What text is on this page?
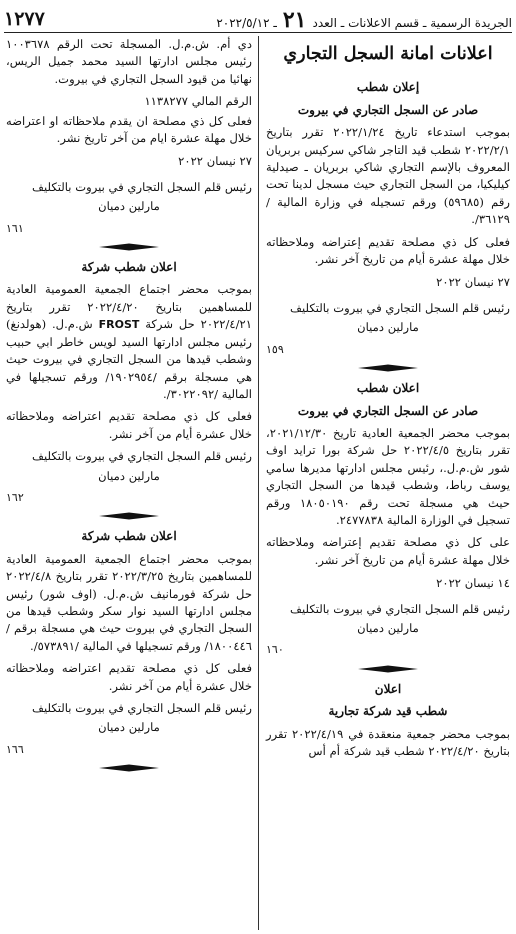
الجريدة الرسمية ـ قسم الاعلانات ـ العدد
٢١
ـ ٢٠٢٢/٥/١٢
١٢٧٧
اعلانات امانة السجل التجاري
إعلان شطب
صادر عن السجل التجاري في بيروت

بموجب استدعاء تاريخ ٢٠٢٢/١/٢٤ تقرر بتاريخ ٢٠٢٢/٢/١ شطب قيد التاجر شاكي سركيس بربريان المعروف بالإسم التجاري شاكي بربريان ـ صيدلية كيليكيا، من السجل التجاري حيث مسجل لدينا تحت رقم (٥٩٦٨٥) ورقم تسجيله في وزارة المالية /٣٦١٢٩/.

فعلى كل ذي مصلحة تقديم إعتراضه وملاحظاته خلال مهلة عشرة أيام من تاريخ آخر نشر.

٢٧ نيسان ٢٠٢٢
رئيس قلم السجل التجاري في بيروت بالتكليف
مارلين دميان
١٥٩
اعلان شطب
صادر عن السجل التجاري في بيروت

بموجب محضر الجمعية العادية تاريخ ٢٠٢١/١٢/٣٠، تقرر بتاريخ ٢٠٢٢/٤/٥ حل شركة بورا ترايد اوف شور ش.م.ل.، رئيس مجلس ادارتها مديرها سامي يوسف رباط، وشطب قيدها من السجل التجاري حيث هي مسجلة تحت رقم ١٨٠٥٠١٩٠ ورقم تسجيل في الوزارة المالية ٢٤٧٧٨٣٨.

على كل ذي مصلحة تقديم إعتراضه وملاحظاته خلال مهلة عشرة أيام من تاريخ آخر نشر.

١٤ نيسان ٢٠٢٢
رئيس قلم السجل التجاري في بيروت بالتكليف
مارلين دميان
١٦٠
اعلان
شطب قيد شركة تجارية

بموجب محضر جمعية منعقدة في ٢٠٢٢/٤/١٩ تقرر بتاريخ ٢٠٢٢/٤/٢٠ شطب قيد شركة أم أس

دي أم. ش.م.ل. المسجلة تحت الرقم ١٠٠٣٦٧٨ رئيس مجلس ادارتها السيد محمد جميل الريس، نهائيا من قيود السجل التجاري في بيروت.

الرقم المالي ١١٣٨٢٧٧

فعلى كل ذي مصلحة ان يقدم ملاحظاته او اعتراضه خلال مهلة عشرة ايام من آخر تاريخ نشر.

٢٧ نيسان ٢٠٢٢
رئيس قلم السجل التجاري في بيروت بالتكليف
مارلين دميان
١٦١
اعلان شطب شركة

بموجب محضر اجتماع الجمعية العمومية العادية للمساهمين بتاريخ ٢٠٢٢/٤/٢٠ تقرر بتاريخ ٢٠٢٢/٤/٢١ حل شركة FROST ش.م.ل. (هولدنغ) رئيس مجلس ادارتها السيد لويس خاطر ابي حبيب وشطب قيدها من السجل التجاري في بيروت حيث هي مسجلة برقم /١٩٠٢٩٥٤/ ورقم تسجيلها في المالية /٣٠٢٢٠٩٢/.

فعلى كل ذي مصلحة تقديم اعتراضه وملاحظاته خلال عشرة أيام من آخر نشر.

رئيس قلم السجل التجاري في بيروت بالتكليف
مارلين دميان
١٦٢
اعلان شطب شركة

بموجب محضر اجتماع الجمعية العمومية العادية للمساهمين بتاريخ ٢٠٢٢/٣/٢٥ تقرر بتاريخ ٢٠٢٢/٤/٨ حل شركة فورمانيف ش.م.ل. (اوف شور) رئيس مجلس ادارتها السيد نوار سكر وشطب قيدها من السجل التجاري في بيروت حيث هي مسجلة برقم /١٨٠٠٤٤٦/ ورقم تسجيلها في المالية /٥٧٣٨٩١/.

فعلى كل ذي مصلحة تقديم اعتراضه وملاحظاته خلال عشرة أيام من آخر نشر.

رئيس قلم السجل التجاري في بيروت بالتكليف
مارلين دميان
١٦٦
